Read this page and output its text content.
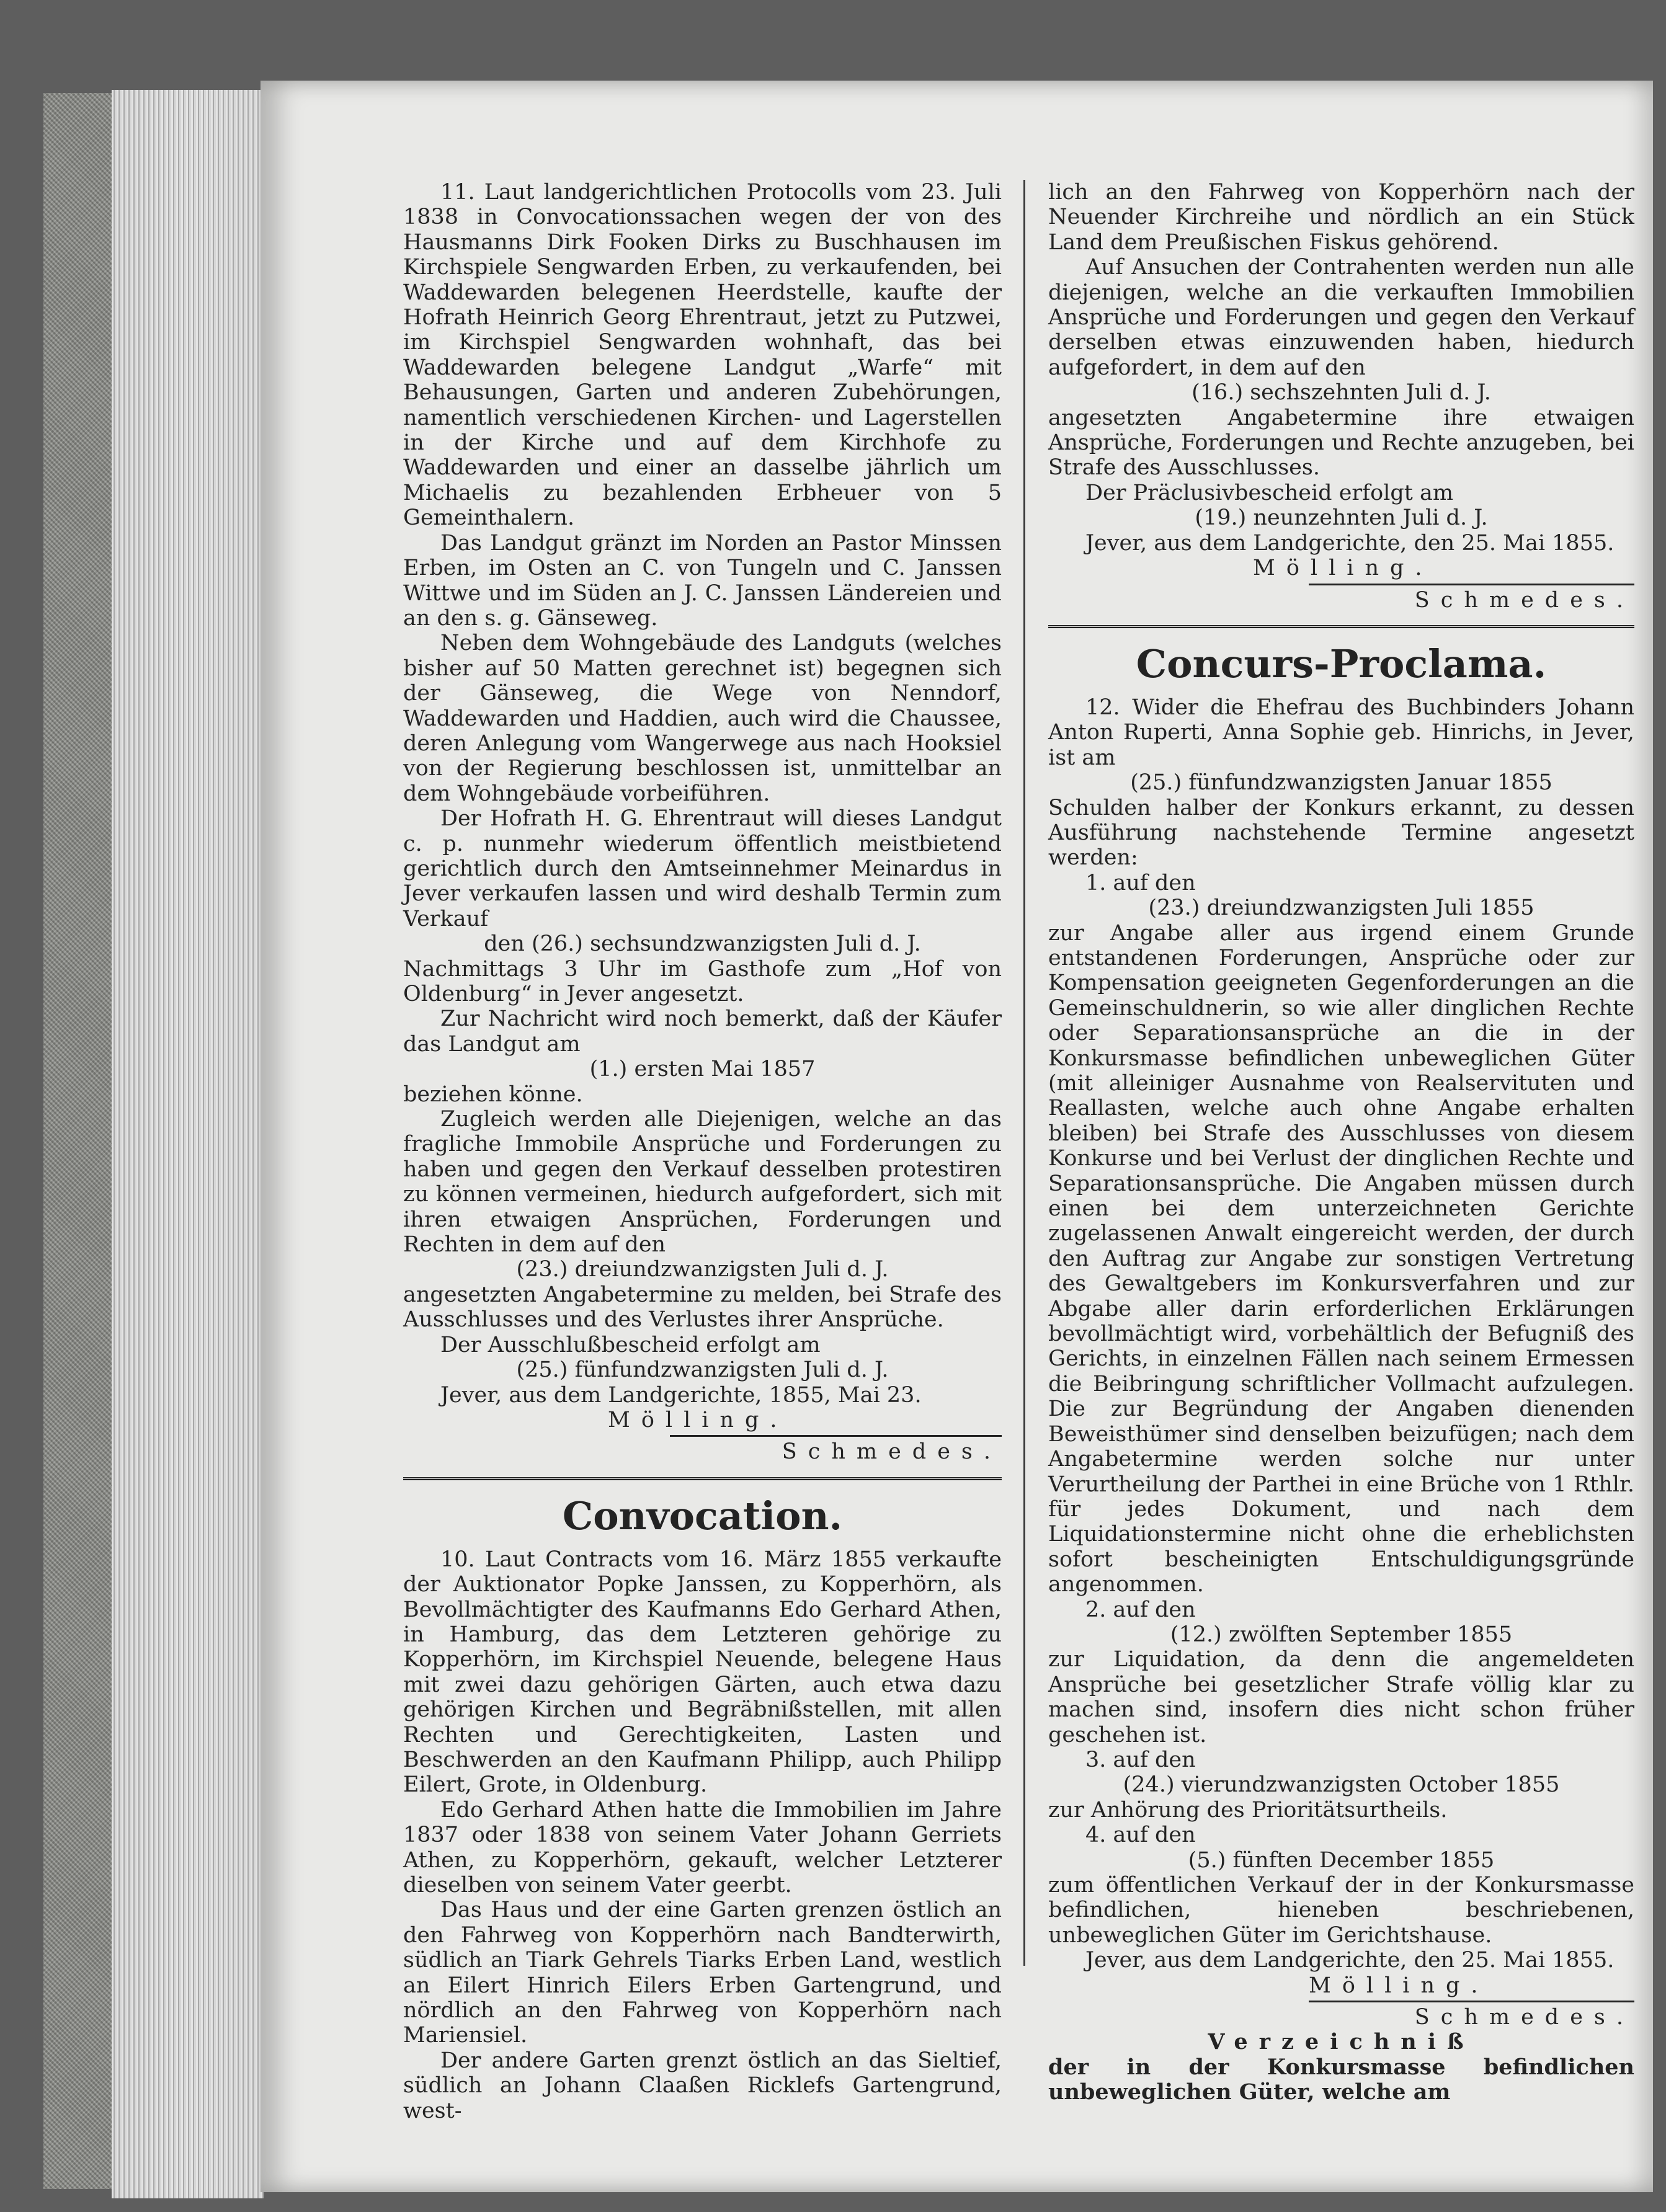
11. Laut landgerichtlichen Protocolls vom 23. Juli 1838 in Convocationssachen wegen der von des Hausmanns Dirk Fooken Dirks zu Buschhausen im Kirchspiele Sengwarden Erben, zu verkaufenden, bei Waddewarden belegenen Heerdstelle, kaufte der Hofrath Heinrich Georg Ehrentraut, jetzt zu Putzwei, im Kirchspiel Sengwarden wohnhaft, das bei Waddewarden belegene Landgut „Warfe“ mit Behausungen, Garten und anderen Zubehörungen, namentlich verschiedenen Kirchen- und Lagerstellen in der Kirche und auf dem Kirchhofe zu Waddewarden und einer an dasselbe jährlich um Michaelis zu bezahlenden Erbheuer von 5 Gemeinthalern.

Das Landgut gränzt im Norden an Pastor Minssen Erben, im Osten an C. von Tungeln und C. Janssen Wittwe und im Süden an J. C. Janssen Ländereien und an den s. g. Gänseweg.

Neben dem Wohngebäude des Landguts (welches bisher auf 50 Matten gerechnet ist) begegnen sich der Gänseweg, die Wege von Nenndorf, Waddewarden und Haddien, auch wird die Chaussee, deren Anlegung vom Wangerwege aus nach Hooksiel von der Regierung beschlossen ist, unmittelbar an dem Wohngebäude vorbeiführen.

Der Hofrath H. G. Ehrentraut will dieses Landgut c. p. nunmehr wiederum öffentlich meistbietend gerichtlich durch den Amtseinnehmer Meinardus in Jever verkaufen lassen und wird deshalb Termin zum Verkauf

den (26.) sechsundzwanzigsten Juli d. J.

Nachmittags 3 Uhr im Gasthofe zum „Hof von Oldenburg“ in Jever angesetzt.

Zur Nachricht wird noch bemerkt, daß der Käufer das Landgut am

(1.) ersten Mai 1857

beziehen könne.

Zugleich werden alle Diejenigen, welche an das fragliche Immobile Ansprüche und Forderungen zu haben und gegen den Verkauf desselben protestiren zu können vermeinen, hiedurch aufgefordert, sich mit ihren etwaigen Ansprüchen, Forderungen und Rechten in dem auf den

(23.) dreiundzwanzigsten Juli d. J.

angesetzten Angabetermine zu melden, bei Strafe des Ausschlusses und des Verlustes ihrer Ansprüche.

Der Ausschlußbescheid erfolgt am

(25.) fünfundzwanzigsten Juli d. J.

Jever, aus dem Landgerichte, 1855, Mai 23.

Mölling.

Schmedes.

Convocation.

10. Laut Contracts vom 16. März 1855 verkaufte der Auktionator Popke Janssen, zu Kopperhörn, als Bevollmächtigter des Kaufmanns Edo Gerhard Athen, in Hamburg, das dem Letzteren gehörige zu Kopperhörn, im Kirchspiel Neuende, belegene Haus mit zwei dazu gehörigen Gärten, auch etwa dazu gehörigen Kirchen und Begräbnißstellen, mit allen Rechten und Gerechtigkeiten, Lasten und Beschwerden an den Kaufmann Philipp, auch Philipp Eilert, Grote, in Oldenburg.

Edo Gerhard Athen hatte die Immobilien im Jahre 1837 oder 1838 von seinem Vater Johann Gerriets Athen, zu Kopperhörn, gekauft, welcher Letzterer dieselben von seinem Vater geerbt.

Das Haus und der eine Garten grenzen östlich an den Fahrweg von Kopperhörn nach Bandterwirth, südlich an Tiark Gehrels Tiarks Erben Land, westlich an Eilert Hinrich Eilers Erben Gartengrund, und nördlich an den Fahrweg von Kopperhörn nach Mariensiel.

Der andere Garten grenzt östlich an das Sieltief, südlich an Johann Claaßen Ricklefs Gartengrund, west-

lich an den Fahrweg von Kopperhörn nach der Neuender Kirchreihe und nördlich an ein Stück Land dem Preußischen Fiskus gehörend.

Auf Ansuchen der Contrahenten werden nun alle diejenigen, welche an die verkauften Immobilien Ansprüche und Forderungen und gegen den Verkauf derselben etwas einzuwenden haben, hiedurch aufgefordert, in dem auf den

(16.) sechszehnten Juli d. J.

angesetzten Angabetermine ihre etwaigen Ansprüche, Forderungen und Rechte anzugeben, bei Strafe des Ausschlusses.

Der Präclusivbescheid erfolgt am

(19.) neunzehnten Juli d. J.

Jever, aus dem Landgerichte, den 25. Mai 1855.

Mölling.

Schmedes.

Concurs-Proclama.

12. Wider die Ehefrau des Buchbinders Johann Anton Ruperti, Anna Sophie geb. Hinrichs, in Jever, ist am

(25.) fünfundzwanzigsten Januar 1855

Schulden halber der Konkurs erkannt, zu dessen Ausführung nachstehende Termine angesetzt werden:

1. auf den

(23.) dreiundzwanzigsten Juli 1855

zur Angabe aller aus irgend einem Grunde entstandenen Forderungen, Ansprüche oder zur Kompensation geeigneten Gegenforderungen an die Gemeinschuldnerin, so wie aller dinglichen Rechte oder Separationsansprüche an die in der Konkursmasse befindlichen unbeweglichen Güter (mit alleiniger Ausnahme von Realservituten und Reallasten, welche auch ohne Angabe erhalten bleiben) bei Strafe des Ausschlusses von diesem Konkurse und bei Verlust der dinglichen Rechte und Separationsansprüche. Die Angaben müssen durch einen bei dem unterzeichneten Gerichte zugelassenen Anwalt eingereicht werden, der durch den Auftrag zur Angabe zur sonstigen Vertretung des Gewaltgebers im Konkursverfahren und zur Abgabe aller darin erforderlichen Erklärungen bevollmächtigt wird, vorbehältlich der Befugniß des Gerichts, in einzelnen Fällen nach seinem Ermessen die Beibringung schriftlicher Vollmacht aufzulegen. Die zur Begründung der Angaben dienenden Beweisthümer sind denselben beizufügen; nach dem Angabetermine werden solche nur unter Verurtheilung der Parthei in eine Brüche von 1 Rthlr. für jedes Dokument, und nach dem Liquidationstermine nicht ohne die erheblichsten sofort bescheinigten Entschuldigungsgründe angenommen.

2. auf den

(12.) zwölften September 1855

zur Liquidation, da denn die angemeldeten Ansprüche bei gesetzlicher Strafe völlig klar zu machen sind, insofern dies nicht schon früher geschehen ist.

3. auf den

(24.) vierundzwanzigsten October 1855

zur Anhörung des Prioritätsurtheils.

4. auf den

(5.) fünften December 1855

zum öffentlichen Verkauf der in der Konkursmasse befindlichen, hieneben beschriebenen, unbeweglichen Güter im Gerichtshause.

Jever, aus dem Landgerichte, den 25. Mai 1855.

Mölling.

Schmedes.

Verzeichniß

der in der Konkursmasse befindlichen unbeweglichen Güter, welche am
